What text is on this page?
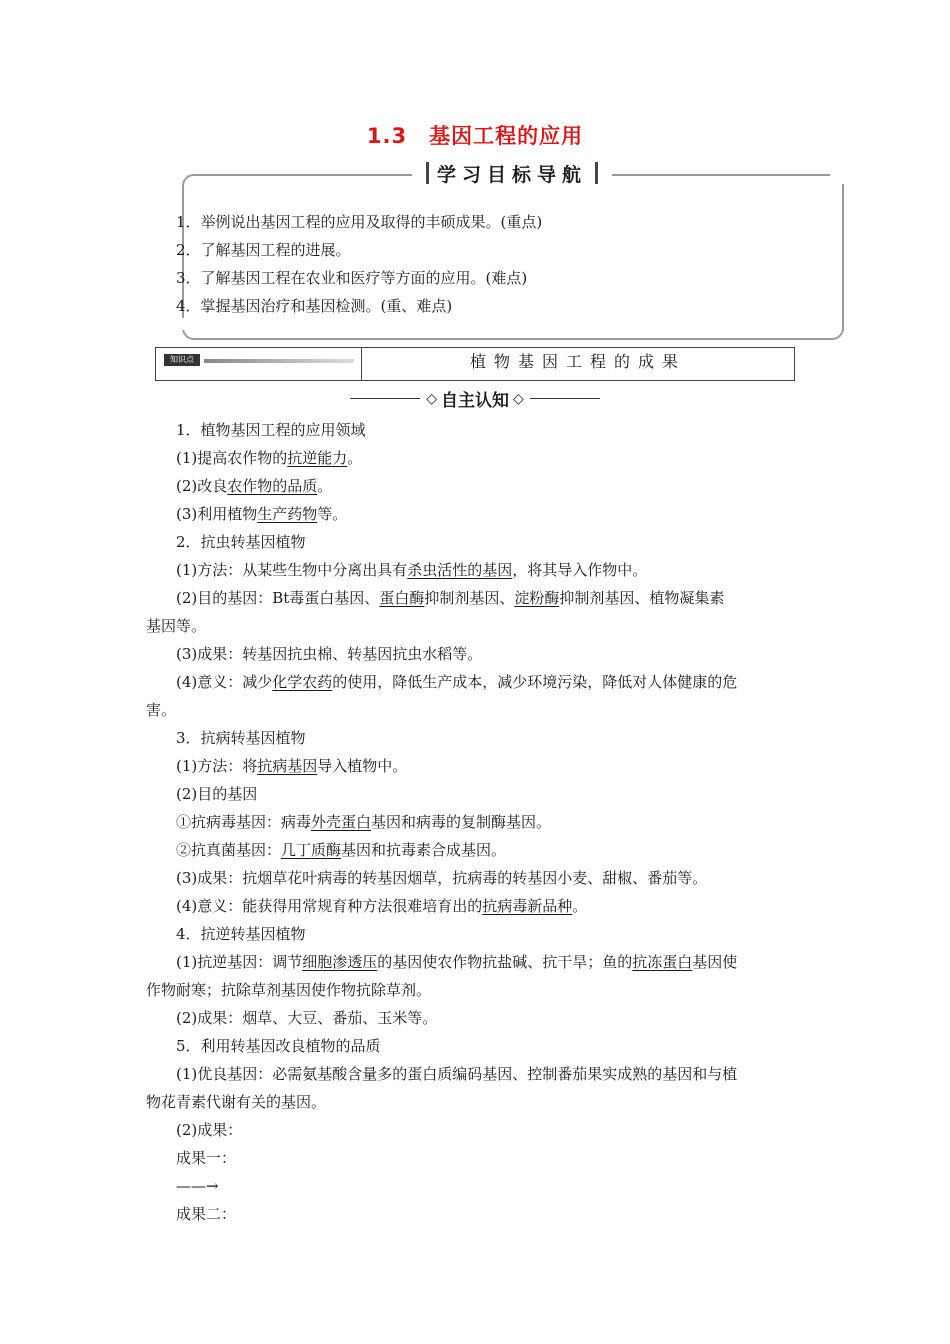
1.3　基因工程的应用
学习目标导航
1．举例说出基因工程的应用及取得的丰硕成果。(重点)
2．了解基因工程的进展。
3．了解基因工程在农业和医疗等方面的应用。(难点)
4．掌握基因治疗和基因检测。(重、难点)
知识点	植物基因工程的成果
◇ 自主认知 ◇
1．植物基因工程的应用领域
(1)提高农作物的抗逆能力。
(2)改良农作物的品质。
(3)利用植物生产药物等。
2．抗虫转基因植物
(1)方法：从某些生物中分离出具有杀虫活性的基因，将其导入作物中。
(2)目的基因：Bt毒蛋白基因、蛋白酶抑制剂基因、淀粉酶抑制剂基因、植物凝集素
基因等。
(3)成果：转基因抗虫棉、转基因抗虫水稻等。
(4)意义：减少化学农药的使用，降低生产成本，减少环境污染，降低对人体健康的危
害。
3．抗病转基因植物
(1)方法：将抗病基因导入植物中。
(2)目的基因
①抗病毒基因：病毒外壳蛋白基因和病毒的复制酶基因。
②抗真菌基因：几丁质酶基因和抗毒素合成基因。
(3)成果：抗烟草花叶病毒的转基因烟草，抗病毒的转基因小麦、甜椒、番茄等。
(4)意义：能获得用常规育种方法很难培育出的抗病毒新品种。
4．抗逆转基因植物
(1)抗逆基因：调节细胞渗透压的基因使农作物抗盐碱、抗干旱；鱼的抗冻蛋白基因使
作物耐寒；抗除草剂基因使作物抗除草剂。
(2)成果：烟草、大豆、番茄、玉米等。
5．利用转基因改良植物的品质
(1)优良基因：必需氨基酸含量多的蛋白质编码基因、控制番茄果实成熟的基因和与植
物花青素代谢有关的基因。
(2)成果：
成果一：
——→
成果二：
